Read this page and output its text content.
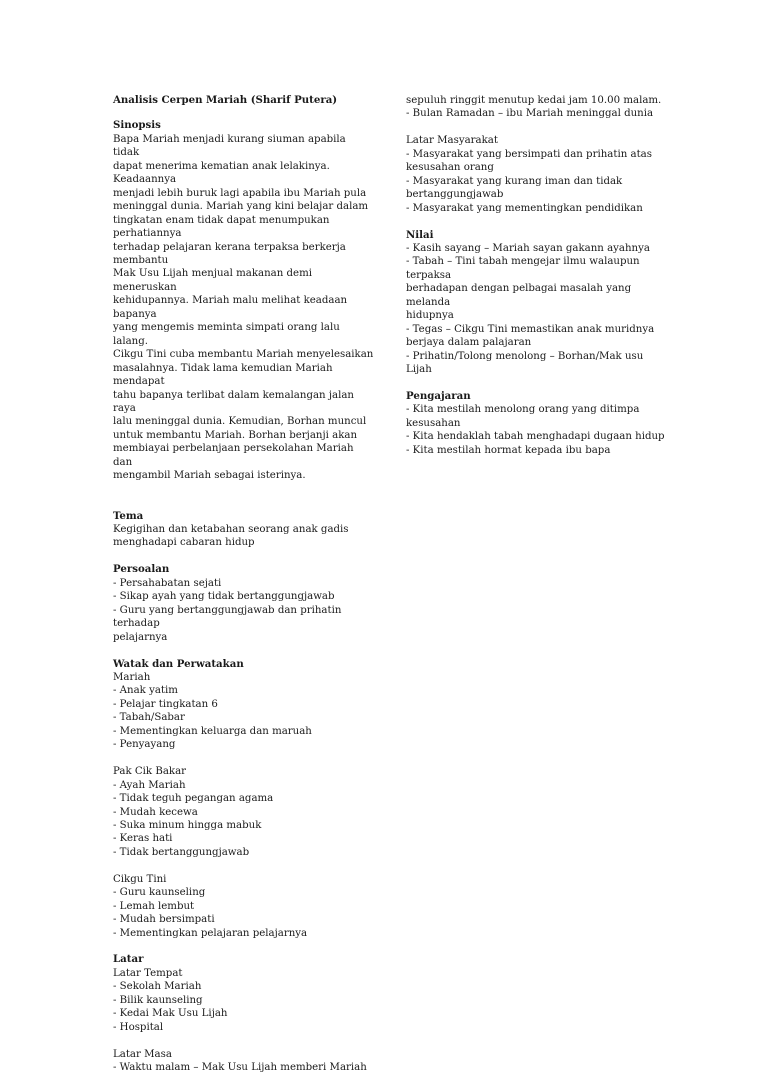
Analisis Cerpen Mariah (Sharif Putera)
Sinopsis
Bapa Mariah menjadi kurang siuman apabila tidak
dapat menerima kematian anak lelakinya. Keadaannya
menjadi lebih buruk lagi apabila ibu Mariah pula
meninggal dunia. Mariah yang kini belajar dalam
tingkatan enam tidak dapat menumpukan perhatiannya
terhadap pelajaran kerana terpaksa berkerja membantu
Mak Usu Lijah menjual makanan demi meneruskan
kehidupannya. Mariah malu melihat keadaan bapanya
yang mengemis meminta simpati orang lalu lalang.
Cikgu Tini cuba membantu Mariah menyelesaikan
masalahnya. Tidak lama kemudian Mariah mendapat
tahu bapanya terlibat dalam kemalangan jalan raya
lalu meninggal dunia. Kemudian, Borhan muncul
untuk membantu Mariah. Borhan berjanji akan
membiayai perbelanjaan persekolahan Mariah dan
mengambil Mariah sebagai isterinya.
Tema
Kegigihan dan ketabahan seorang anak gadis
menghadapi cabaran hidup
Persoalan
- Persahabatan sejati
- Sikap ayah yang tidak bertanggungjawab
- Guru yang bertanggungjawab dan prihatin terhadap
pelajarnya
Watak dan Perwatakan
Mariah
- Anak yatim
- Pelajar tingkatan 6
- Tabah/Sabar
- Mementingkan keluarga dan maruah
- Penyayang
Pak Cik Bakar
- Ayah Mariah
- Tidak teguh pegangan agama
- Mudah kecewa
- Suka minum hingga mabuk
- Keras hati
- Tidak bertanggungjawab
Cikgu Tini
- Guru kaunseling
- Lemah lembut
- Mudah bersimpati
- Mementingkan pelajaran pelajarnya
Latar
Latar Tempat
- Sekolah Mariah
- Bilik kaunseling
- Kedai Mak Usu Lijah
- Hospital
Latar Masa
- Waktu malam – Mak Usu Lijah memberi Mariah
sepuluh ringgit menutup kedai jam 10.00 malam.
- Bulan Ramadan – ibu Mariah meninggal dunia
Latar Masyarakat
- Masyarakat yang bersimpati dan prihatin atas
kesusahan orang
- Masyarakat yang kurang iman dan tidak
bertanggungjawab
- Masyarakat yang mementingkan pendidikan
Nilai
- Kasih sayang – Mariah sayan gakann ayahnya
- Tabah – Tini tabah mengejar ilmu walaupun terpaksa
berhadapan dengan pelbagai masalah yang melanda
hidupnya
- Tegas – Cikgu Tini memastikan anak muridnya
berjaya dalam palajaran
- Prihatin/Tolong menolong – Borhan/Mak usu Lijah
Pengajaran
- Kita mestilah menolong orang yang ditimpa
kesusahan
- Kita hendaklah tabah menghadapi dugaan hidup
- Kita mestilah hormat kepada ibu bapa
